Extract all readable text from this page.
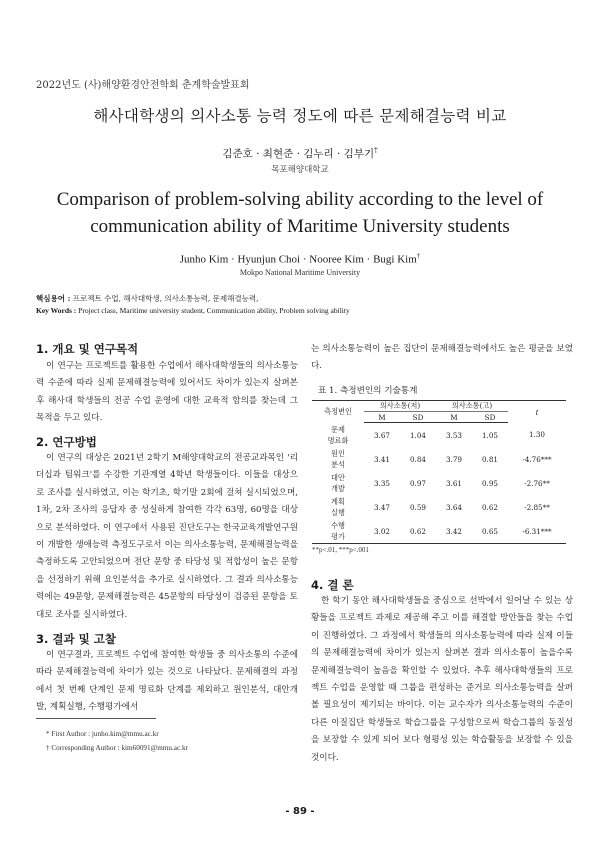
2022년도 (사)해양환경안전학회 춘계학술발표회
해사대학생의 의사소통 능력 정도에 따른 문제해결능력 비교
김준호 · 최현준 · 김누리 · 김부기†
목포해양대학교
Comparison of problem-solving ability according to the level of
communication ability of Maritime University students
Junho Kim · Hyunjun Choi · Nooree Kim · Bugi Kim†
Mokpo National Maritime University
핵심용어 : 프로젝트 수업, 해사대학생, 의사소통능력, 문제해결능력,
Key Words : Project class, Maritime university student, Communication ability, Problem solving ability
1. 개요 및 연구목적

이 연구는 프로젝트를 활용한 수업에서 해사대학생들의 의사소통능력 수준에 따라 실제 문제해결능력에 있어서도 차이가 있는지 살펴본 후 해사대 학생들의 전공 수업 운영에 대한 교육적 함의를 찾는데 그 목적을 두고 있다.

2. 연구방법

이 연구의 대상은 2021년 2학기 M해양대학교의 전공교과목인 '리더십과 팀워크'를 수강한 기관계열 4학년 학생들이다. 이들을 대상으로 조사를 실시하였고, 이는 학기초, 학기말 2회에 걸쳐 실시되었으며, 1차, 2차 조사의 응답자 중 성실하게 참여한 각각 63명, 60명을 대상으로 분석하였다. 이 연구에서 사용된 진단도구는 한국교육개발연구원이 개발한 생애능력 측정도구로서 이는 의사소통능력, 문제해결능력을 측정하도록 고안되었으며 전단 문항 중 타당성 및 적합성이 높은 문항을 선정하기 위해 요인분석을 추가로 실시하였다. 그 결과 의사소통능력에는 49문항, 문제해결능력은 45문항의 타당성이 검증된 문항을 토대로 조사를 실시하였다.

3. 결과 및 고찰

이 연구결과, 프로젝트 수업에 참여한 학생들 중 의사소통의 수준에 따라 문제해결능력에 차이가 있는 것으로 나타났다. 문제해결의 과정에서 첫 번째 단계인 문제 명료화 단계를 제외하고 원인분석, 대안개발, 계획실행, 수행평가에서

* First Author : junho.kim@mmu.ac.kr
† Corresponding Author : kim60091@mmu.ac.kr

는 의사소통능력이 높은 집단이 문제해결능력에서도 높은 평균을 보였다.

표 1. 측정변인의 기술통계
측정변인	의사소통(저)		의사소통(고)		t
	M	SD	M	SD	
문제
명료화	3.67	1.04	3.53	1.05	1.30
원인
분석	3.41	0.84	3.79	0.81	-4.76***
대안
개발	3.35	0.97	3.61	0.95	-2.76**
계획
실행	3.47	0.59	3.64	0.62	-2.85**
수행
평가	3.02	0.62	3.42	0.65	-6.31***
**p<.01, ***p<.001
4. 결 론

한 학기 동안 해사대학생들을 중심으로 선박에서 일어날 수 있는 상황들을 프로젝트 과제로 제공해 주고 이를 해결할 방안들을 찾는 수업이 진행하였다. 그 과정에서 학생들의 의사소통능력에 따라 실제 이들의 문제해결능력에 차이가 있는지 살펴본 결과 의사소통이 높을수록 문제해결능력이 높음을 확인할 수 있었다. 추후 해사대학생들의 프로젝트 수업을 운영할 때 그룹을 편성하는 준거로 의사소통능력을 살펴볼 필요성이 제기되는 바이다. 이는 교수자가 의사소통능력의 수준이 다른 이질집단 학생들로 학습그룹을 구성함으로써 학습그룹의 동질성을 보장할 수 있게 되어 보다 형평성 있는 학습활동을 보장할 수 있을 것이다.

- 89 -
